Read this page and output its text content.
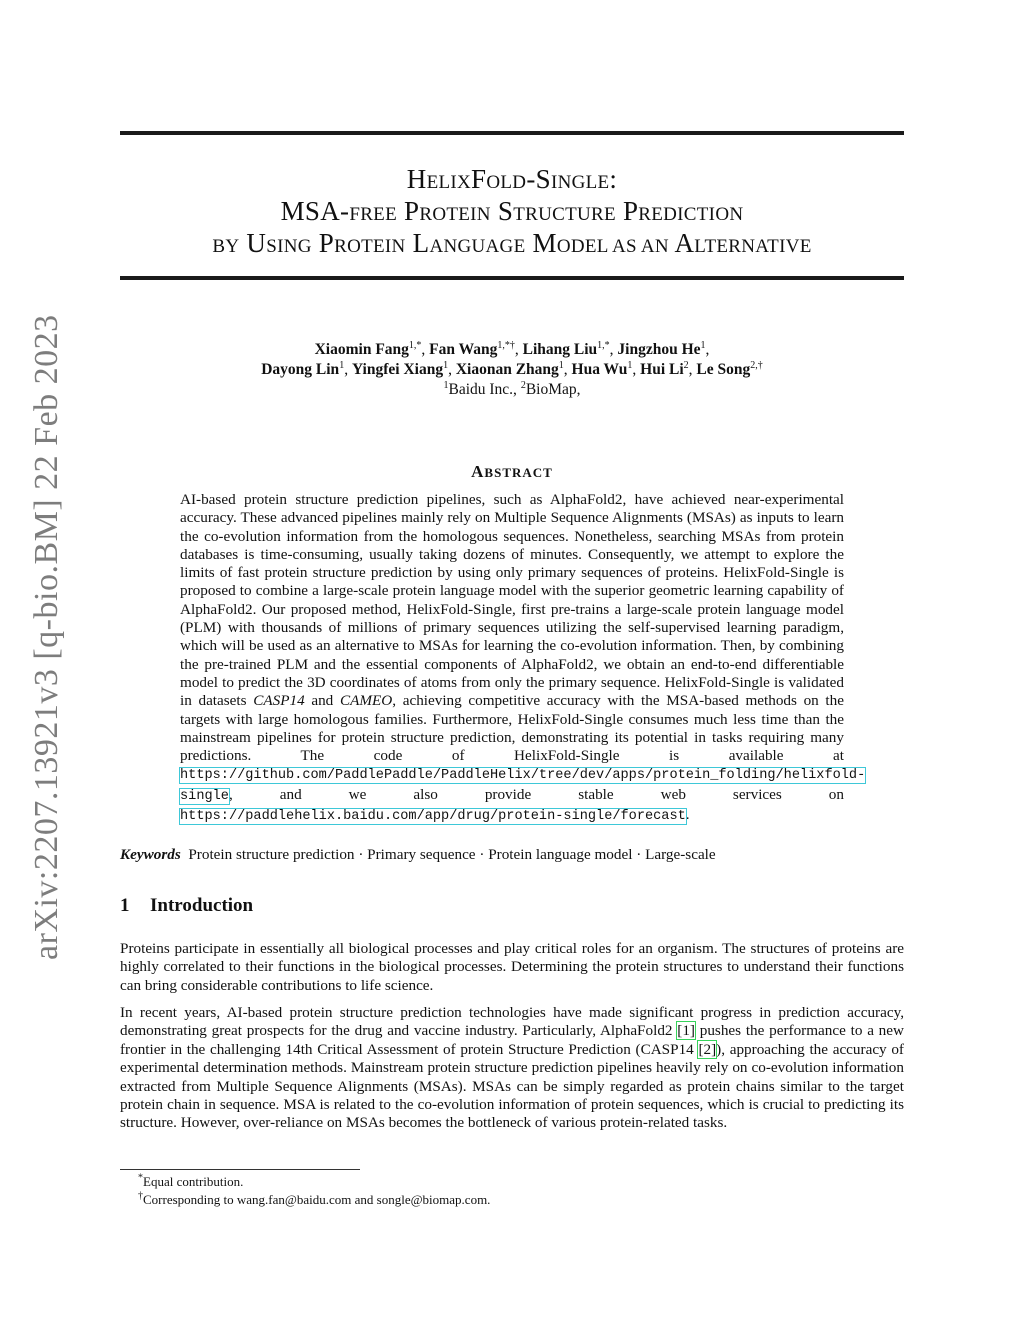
arXiv:2207.13921v3 [q-bio.BM] 22 Feb 2023
HELIXFOLD-SINGLE:
MSA-FREE PROTEIN STRUCTURE PREDICTION
BY USING PROTEIN LANGUAGE MODEL AS AN ALTERNATIVE
Xiaomin Fang$^{1,*}$, Fan Wang$^{1,*\dagger}$, Lihang Liu$^{1,*}$, Jingzhou He$^1$,
Dayong Lin$^1$, Yingfei Xiang$^1$, Xiaonan Zhang$^1$, Hua Wu$^1$, Hui Li$^2$, Le Song$^{2,\dagger}$
$^1$Baidu Inc., $^2$BioMap,
ABSTRACT
AI-based protein structure prediction pipelines, such as AlphaFold2, have achieved near-experimental accuracy. These advanced pipelines mainly rely on Multiple Sequence Alignments (MSAs) as inputs to learn the co-evolution information from the homologous sequences. Nonetheless, searching MSAs from protein databases is time-consuming, usually taking dozens of minutes. Consequently, we attempt to explore the limits of fast protein structure prediction by using only primary sequences of proteins. HelixFold-Single is proposed to combine a large-scale protein language model with the superior geometric learning capability of AlphaFold2. Our proposed method, HelixFold-Single, first pre-trains a large-scale protein language model (PLM) with thousands of millions of primary sequences utilizing the self-supervised learning paradigm, which will be used as an alternative to MSAs for learning the co-evolution information. Then, by combining the pre-trained PLM and the essential components of AlphaFold2, we obtain an end-to-end differentiable model to predict the 3D coordinates of atoms from only the primary sequence. HelixFold-Single is validated in datasets CASP14 and CAMEO, achieving competitive accuracy with the MSA-based methods on the targets with large homologous families. Furthermore, HelixFold-Single consumes much less time than the mainstream pipelines for protein structure prediction, demonstrating its potential in tasks requiring many predictions. The code of HelixFold-Single is available at https://github.com/PaddlePaddle/PaddleHelix/tree/dev/apps/protein_folding/helixfold-single, and we also provide stable web services on https://paddlehelix.baidu.com/app/drug/protein-single/forecast.
Keywords Protein structure prediction · Primary sequence · Protein language model · Large-scale
1 Introduction
Proteins participate in essentially all biological processes and play critical roles for an organism. The structures of proteins are highly correlated to their functions in the biological processes. Determining the protein structures to understand their functions can bring considerable contributions to life science.
In recent years, AI-based protein structure prediction technologies have made significant progress in prediction accuracy, demonstrating great prospects for the drug and vaccine industry. Particularly, AlphaFold2 [1] pushes the performance to a new frontier in the challenging 14th Critical Assessment of protein Structure Prediction (CASP14 [2]), approaching the accuracy of experimental determination methods. Mainstream protein structure prediction pipelines heavily rely on co-evolution information extracted from Multiple Sequence Alignments (MSAs). MSAs can be simply regarded as protein chains similar to the target protein chain in sequence. MSA is related to the co-evolution information of protein sequences, which is crucial to predicting its structure. However, over-reliance on MSAs becomes the bottleneck of various protein-related tasks.
*Equal contribution.
†Corresponding to wang.fan@baidu.com and songle@biomap.com.
